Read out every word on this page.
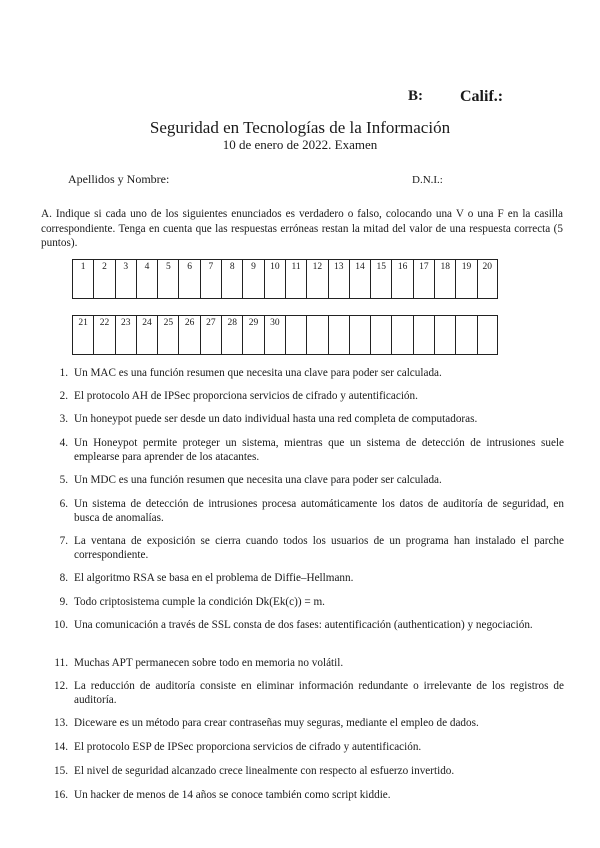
B: Calif.:
Seguridad en Tecnologías de la Información
10 de enero de 2022. Examen
Apellidos y Nombre:	D.N.I.:
A. Indique si cada uno de los siguientes enunciados es verdadero o falso, colocando una V o una F en la casilla correspondiente. Tenga en cuenta que las respuestas erróneas restan la mitad del valor de una respuesta correcta (5 puntos).
1	2	3	4	5	6	7	8	9	10	11	12	13	14	15	16	17	18	19	20
21	22	23	24	25	26	27	28	29	30
1. Un MAC es una función resumen que necesita una clave para poder ser calculada.
2. El protocolo AH de IPSec proporciona servicios de cifrado y autentificación.
3. Un honeypot puede ser desde un dato individual hasta una red completa de computadoras.
4. Un Honeypot permite proteger un sistema, mientras que un sistema de detección de intrusiones suele emplearse para aprender de los atacantes.
5. Un MDC es una función resumen que necesita una clave para poder ser calculada.
6. Un sistema de detección de intrusiones procesa automáticamente los datos de auditoría de seguridad, en busca de anomalías.
7. La ventana de exposición se cierra cuando todos los usuarios de un programa han instalado el parche correspondiente.
8. El algoritmo RSA se basa en el problema de Diffie–Hellmann.
9. Todo criptosistema cumple la condición Dk(Ek(c)) = m.
10. Una comunicación a través de SSL consta de dos fases: autentificación (authentication) y negociación.
11. Muchas APT permanecen sobre todo en memoria no volátil.
12. La reducción de auditoría consiste en eliminar información redundante o irrelevante de los registros de auditoría.
13. Diceware es un método para crear contraseñas muy seguras, mediante el empleo de dados.
14. El protocolo ESP de IPSec proporciona servicios de cifrado y autentificación.
15. El nivel de seguridad alcanzado crece linealmente con respecto al esfuerzo invertido.
16. Un hacker de menos de 14 años se conoce también como script kiddie.
